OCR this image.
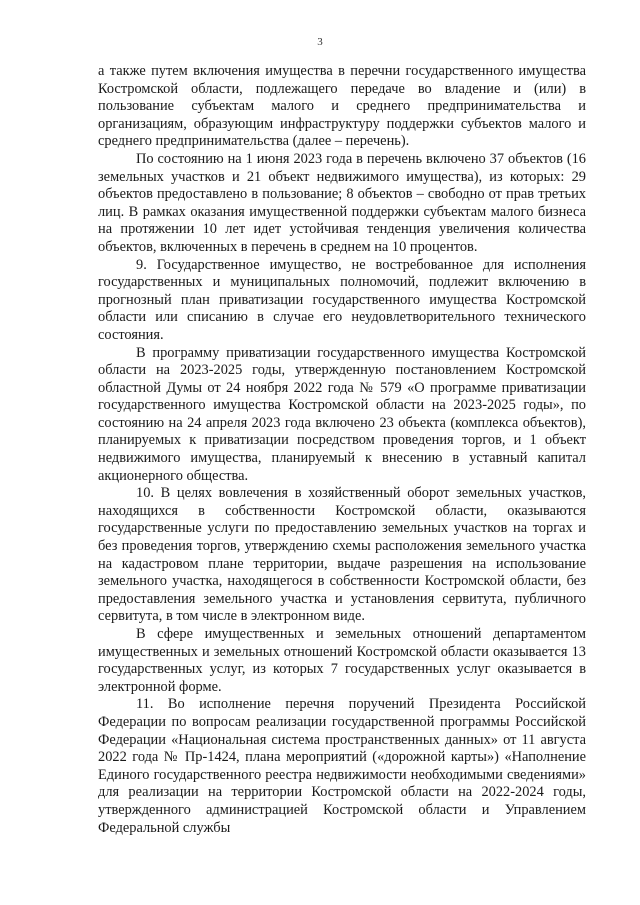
3

а также путем включения имущества в перечни государственного имущества Костромской области, подлежащего передаче во владение и (или) в пользование субъектам малого и среднего предпринимательства и организациям, образующим инфраструктуру поддержки субъектов малого и среднего предпринимательства (далее – перечень).

По состоянию на 1 июня 2023 года в перечень включено 37 объектов (16 земельных участков и 21 объект недвижимого имущества), из которых: 29 объектов предоставлено в пользование; 8 объектов – свободно от прав третьих лиц. В рамках оказания имущественной поддержки субъектам малого бизнеса на протяжении 10 лет идет устойчивая тенденция увеличения количества объектов, включенных в перечень в среднем на 10 процентов.

9. Государственное имущество, не востребованное для исполнения государственных и муниципальных полномочий, подлежит включению в прогнозный план приватизации государственного имущества Костромской области или списанию в случае его неудовлетворительного технического состояния.

В программу приватизации государственного имущества Костромской области на 2023-2025 годы, утвержденную постановлением Костромской областной Думы от 24 ноября 2022 года № 579 «О программе приватизации государственного имущества Костромской области на 2023-2025 годы», по состоянию на 24 апреля 2023 года включено 23 объекта (комплекса объектов), планируемых к приватизации посредством проведения торгов, и 1 объект недвижимого имущества, планируемый к внесению в уставный капитал акционерного общества.

10. В целях вовлечения в хозяйственный оборот земельных участков, находящихся в собственности Костромской области, оказываются государственные услуги по предоставлению земельных участков на торгах и без проведения торгов, утверждению схемы расположения земельного участка на кадастровом плане территории, выдаче разрешения на использование земельного участка, находящегося в собственности Костромской области, без предоставления земельного участка и установления сервитута, публичного сервитута, в том числе в электронном виде.

В сфере имущественных и земельных отношений департаментом имущественных и земельных отношений Костромской области оказывается 13 государственных услуг, из которых 7 государственных услуг оказывается в электронной форме.

11. Во исполнение перечня поручений Президента Российской Федерации по вопросам реализации государственной программы Российской Федерации «Национальная система пространственных данных» от 11 августа 2022 года № Пр-1424, плана мероприятий («дорожной карты») «Наполнение Единого государственного реестра недвижимости необходимыми сведениями» для реализации на территории Костромской области на 2022-2024 годы, утвержденного администрацией Костромской области и Управлением Федеральной службы
